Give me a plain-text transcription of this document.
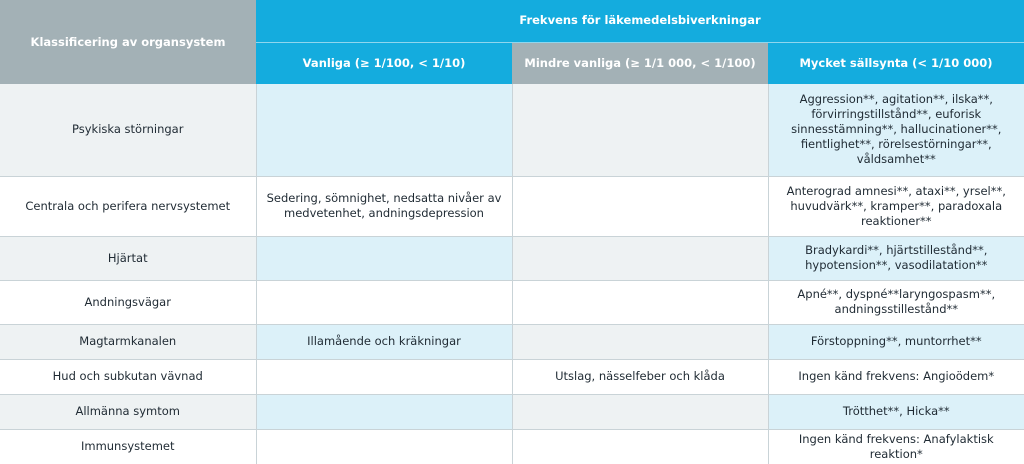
Klassificering av organsystem	Frekvens för läkemedelsbiverkningar		
	Vanliga (≥ 1/100, < 1/10)	Mindre vanliga (≥ 1/1 000, < 1/100)	Mycket sällsynta (< 1/10 000)
Psykiska störningar			Aggression**, agitation**, ilska**, förvirringstillstånd**, euforisk sinnesstämning**, hallucinationer**, fientlighet**, rörelsestörningar**, våldsamhet**
Centrala och perifera nervsystemet	Sedering, sömnighet, nedsatta nivåer av medvetenhet, andningsdepression		Anterograd amnesi**, ataxi**, yrsel**, huvudvärk**, kramper**, paradoxala reaktioner**
Hjärtat			Bradykardi**, hjärtstillestånd**, hypotension**, vasodilatation**
Andningsvägar			Apné**, dyspné**laryngospasm**, andningsstillestånd**
Magtarmkanalen	Illamående och kräkningar		Förstoppning**, muntorrhet**
Hud och subkutan vävnad		Utslag, nässelfeber och klåda	Ingen känd frekvens: Angioödem*
Allmänna symtom			Trötthet**, Hicka**
Immunsystemet			Ingen känd frekvens: Anafylaktisk reaktion*
